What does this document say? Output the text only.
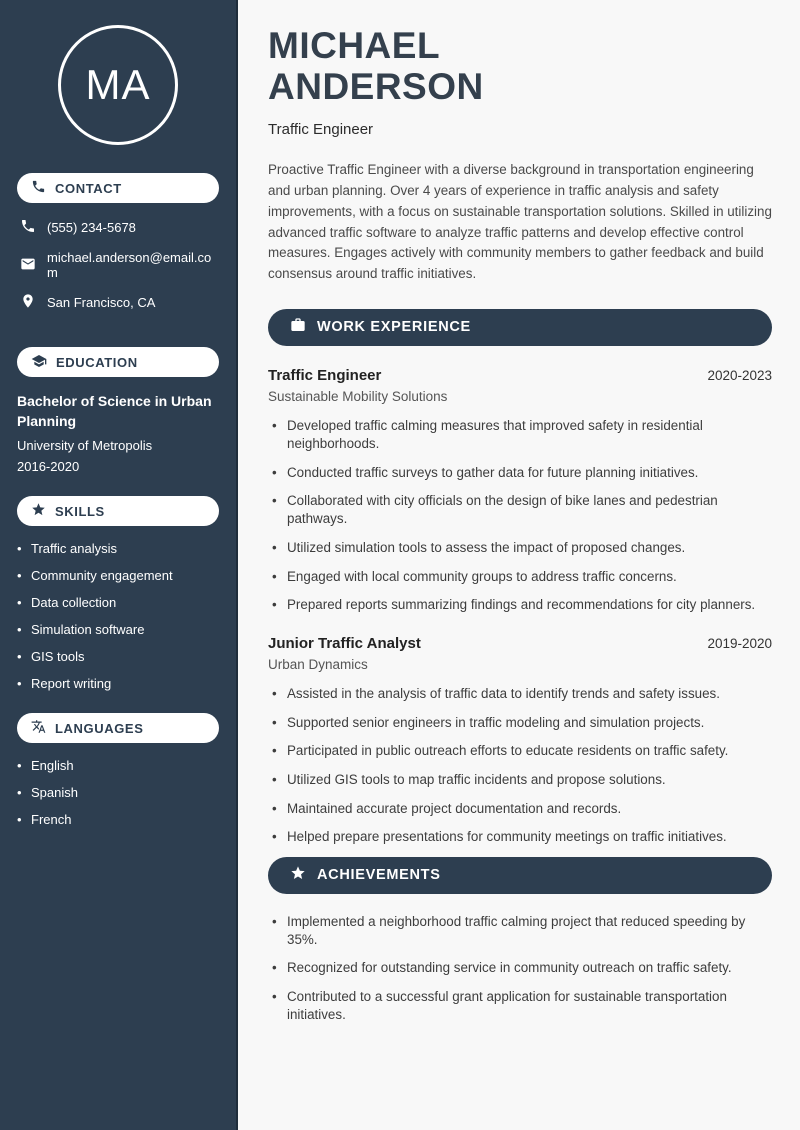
MA
CONTACT
(555) 234-5678
michael.anderson@email.com
San Francisco, CA
EDUCATION
Bachelor of Science in Urban Planning
University of Metropolis
2016-2020
SKILLS
• Traffic analysis
• Community engagement
• Data collection
• Simulation software
• GIS tools
• Report writing
LANGUAGES
• English
• Spanish
• French
MICHAEL
ANDERSON
Traffic Engineer

Proactive Traffic Engineer with a diverse background in transportation engineering and urban planning. Over 4 years of experience in traffic analysis and safety improvements, with a focus on sustainable transportation solutions. Skilled in utilizing advanced traffic software to analyze traffic patterns and develop effective control measures. Engages actively with community members to gather feedback and build consensus around traffic initiatives.

WORK EXPERIENCE
Traffic Engineer	2020-2023
Sustainable Mobility Solutions
• Developed traffic calming measures that improved safety in residential neighborhoods.
• Conducted traffic surveys to gather data for future planning initiatives.
• Collaborated with city officials on the design of bike lanes and pedestrian pathways.
• Utilized simulation tools to assess the impact of proposed changes.
• Engaged with local community groups to address traffic concerns.
• Prepared reports summarizing findings and recommendations for city planners.
Junior Traffic Analyst	2019-2020
Urban Dynamics
• Assisted in the analysis of traffic data to identify trends and safety issues.
• Supported senior engineers in traffic modeling and simulation projects.
• Participated in public outreach efforts to educate residents on traffic safety.
• Utilized GIS tools to map traffic incidents and propose solutions.
• Maintained accurate project documentation and records.
• Helped prepare presentations for community meetings on traffic initiatives.
ACHIEVEMENTS
• Implemented a neighborhood traffic calming project that reduced speeding by 35%.
• Recognized for outstanding service in community outreach on traffic safety.
• Contributed to a successful grant application for sustainable transportation initiatives.
